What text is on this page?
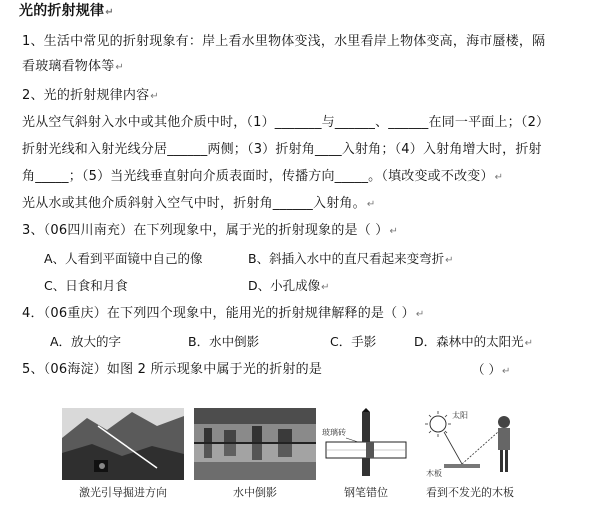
光的折射规律↵
1、生活中常见的折射现象有：岸上看水里物体变浅，水里看岸上物体变高，海市蜃楼，隔
看玻璃看物体等↵
2、光的折射规律内容↵
光从空气斜射入水中或其他介质中时，（1）_______与______、______在同一平面上；（2）
折射光线和入射光线分居______两侧；（3）折射角____入射角；（4）入射角增大时，折射
角_____；（5）当光线垂直射向介质表面时，传播方向_____。（填改变或不改变）↵
光从水或其他介质斜射入空气中时，折射角______入射角。↵
3、（06四川南充）在下列现象中，属于光的折射现象的是（ ）↵
A、人看到平面镜中自己的像	B、斜插入水中的直尺看起来变弯折↵
C、日食和月食	D、小孔成像↵
4．（06重庆）在下列四个现象中，能用光的折射规律解释的是（ ）↵
A．放大的字	B．水中倒影	C．手影	D．森林中的太阳光↵
5、（06海淀）如图 2 所示现象中属于光的折射的是	（ ）↵
激光引导掘进方向	水中倒影
玻璃砖
钢笔错位
太阳
木板
看到不发光的木板
